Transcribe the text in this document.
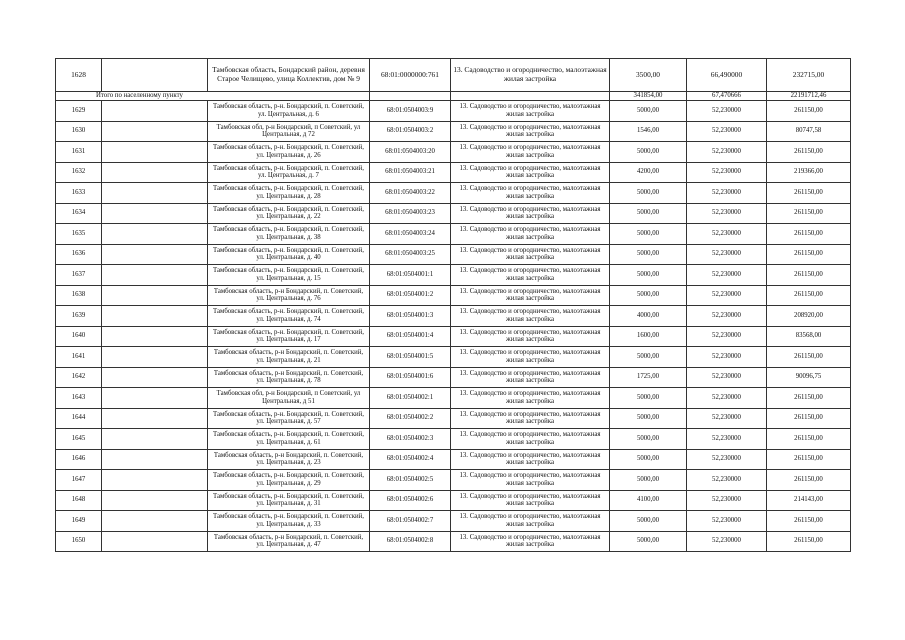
1628		Тамбовская область, Бондарский район, деревня Старое Челищево, улица Коллектив, дом № 9	68:01:0000000:761	13. Садоводство и огородничество, малоэтажная жилая застройка	3500,00	66,490000	232715,00
Итого по населенному пункту					341854,00	67,470666	22191712,46
1629		Тамбовская область, р-н. Бондарский, п. Советский, ул. Центральная, д. 6	68:01:0504003:9	13. Садоводство и огородничество, малоэтажная жилая застройка	5000,00	52,230000	261150,00
1630		Тамбовская обл, р-н Бондарский, п Советский, ул Центральная, д 72	68:01:0504003:2	13. Садоводство и огородничество, малоэтажная жилая застройка	1546,00	52,230000	80747,58
1631		Тамбовская область, р-н. Бондарский, п. Советский, ул. Центральная, д. 26	68:01:0504003:20	13. Садоводство и огородничество, малоэтажная жилая застройка	5000,00	52,230000	261150,00
1632		Тамбовская область, р-н. Бондарский, п. Советский, ул. Центральная, д. 7	68:01:0504003:21	13. Садоводство и огородничество, малоэтажная жилая застройка	4200,00	52,230000	219366,00
1633		Тамбовская область, р-н. Бондарский, п. Советский, ул. Центральная, д. 28	68:01:0504003:22	13. Садоводство и огородничество, малоэтажная жилая застройка	5000,00	52,230000	261150,00
1634		Тамбовская область, р-н. Бондарский, п. Советский, ул. Центральная, д. 22	68:01:0504003:23	13. Садоводство и огородничество, малоэтажная жилая застройка	5000,00	52,230000	261150,00
1635		Тамбовская область, р-н. Бондарский, п. Советский, ул. Центральная, д. 38	68:01:0504003:24	13. Садоводство и огородничество, малоэтажная жилая застройка	5000,00	52,230000	261150,00
1636		Тамбовская область, р-н. Бондарский, п. Советский, ул. Центральная, д. 40	68:01:0504003:25	13. Садоводство и огородничество, малоэтажная жилая застройка	5000,00	52,230000	261150,00
1637		Тамбовская область, р-н. Бондарский, п. Советский, ул. Центральная, д. 15	68:01:0504001:1	13. Садоводство и огородничество, малоэтажная жилая застройка	5000,00	52,230000	261150,00
1638		Тамбовская область, р-н Бондарский, п. Советский, ул. Центральная, д. 76	68:01:0504001:2	13. Садоводство и огородничество, малоэтажная жилая застройка	5000,00	52,230000	261150,00
1639		Тамбовская область, р-н. Бондарский, п. Советский, ул. Центральная, д. 74	68:01:0504001:3	13. Садоводство и огородничество, малоэтажная жилая застройка	4000,00	52,230000	208920,00
1640		Тамбовская область, р-н. Бондарский, п. Советский, ул. Центральная, д. 17	68:01:0504001:4	13. Садоводство и огородничество, малоэтажная жилая застройка	1600,00	52,230000	83568,00
1641		Тамбовская область, р-н Бондарский, п. Советский, ул. Центральная, д. 21	68:01:0504001:5	13. Садоводство и огородничество, малоэтажная жилая застройка	5000,00	52,230000	261150,00
1642		Тамбовская область, р-н Бондарский, п. Советский, ул. Центральная, д. 78	68:01:0504001:6	13. Садоводство и огородничество, малоэтажная жилая застройка	1725,00	52,230000	90096,75
1643		Тамбовская обл, р-н Бондарский, п Советский, ул Центральная, д 51	68:01:0504002:1	13. Садоводство и огородничество, малоэтажная жилая застройка	5000,00	52,230000	261150,00
1644		Тамбовская область, р-н. Бондарский, п. Советский, ул. Центральная, д. 57	68:01:0504002:2	13. Садоводство и огородничество, малоэтажная жилая застройка	5000,00	52,230000	261150,00
1645		Тамбовская область, р-н. Бондарский, п. Советский, ул. Центральная, д. 61	68:01:0504002:3	13. Садоводство и огородничество, малоэтажная жилая застройка	5000,00	52,230000	261150,00
1646		Тамбовская область, р-н Бондарский, п. Советский, ул. Центральная, д. 23	68:01:0504002:4	13. Садоводство и огородничество, малоэтажная жилая застройка	5000,00	52,230000	261150,00
1647		Тамбовская область, р-н. Бондарский, п. Советский, ул. Центральная, д. 29	68:01:0504002:5	13. Садоводство и огородничество, малоэтажная жилая застройка	5000,00	52,230000	261150,00
1648		Тамбовская область, р-н. Бондарский, п. Советский, ул. Центральная, д. 31	68:01:0504002:6	13. Садоводство и огородничество, малоэтажная жилая застройка	4100,00	52,230000	214143,00
1649		Тамбовская область, р-н. Бондарский, п. Советский, ул. Центральная, д. 33	68:01:0504002:7	13. Садоводство и огородничество, малоэтажная жилая застройка	5000,00	52,230000	261150,00
1650		Тамбовская область, р-н Бондарский, п. Советский, ул. Центральная, д. 47	68:01:0504002:8	13. Садоводство и огородничество, малоэтажная жилая застройка	5000,00	52,230000	261150,00
